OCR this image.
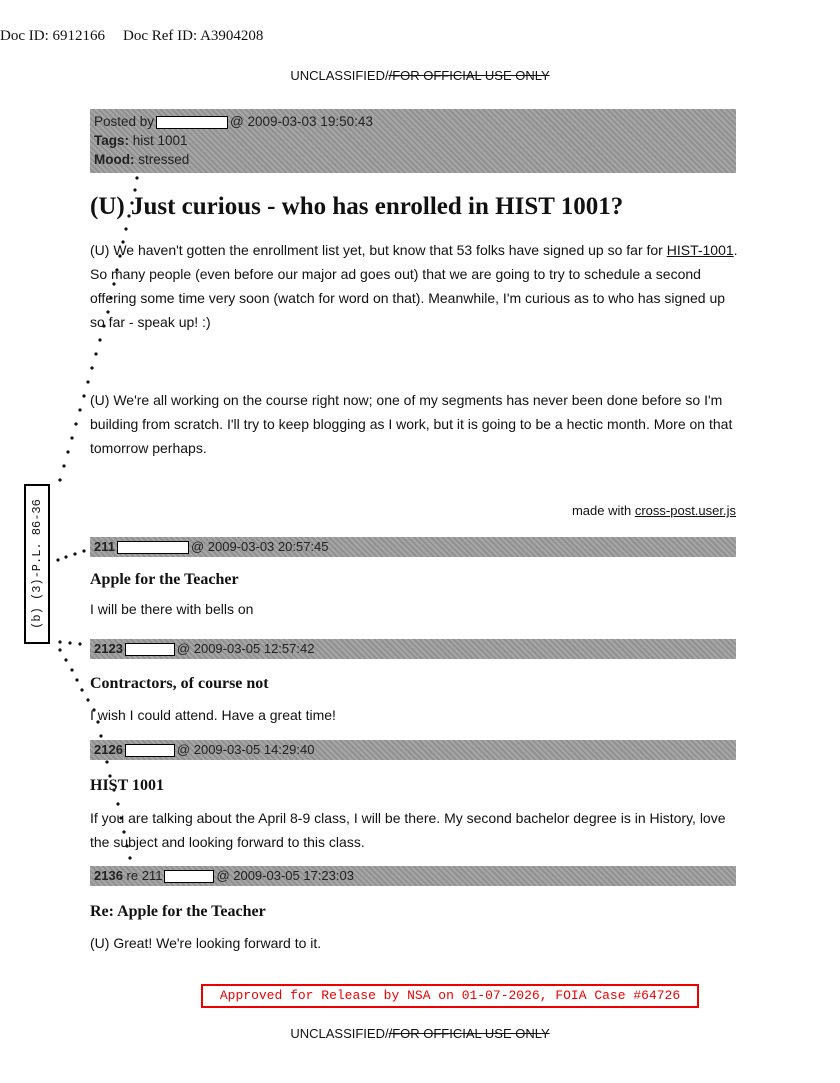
Doc ID: 6912166 Doc Ref ID: A3904208
UNCLASSIFIED//FOR OFFICIAL USE ONLY
Posted by	@ 2009-03-03 19:50:43
Tags: hist 1001
Mood: stressed
(U) Just curious - who has enrolled in HIST 1001?
(U) We haven't gotten the enrollment list yet, but know that 53 folks have signed up so far for HIST-1001. So many people (even before our major ad goes out) that we are going to try to schedule a second offering some time very soon (watch for word on that). Meanwhile, I'm curious as to who has signed up so far - speak up! :)
(U) We're all working on the course right now; one of my segments has never been done before so I'm building from scratch. I'll try to keep blogging as I work, but it is going to be a hectic month. More on that tomorrow perhaps.
made with cross-post.user.js
211	@ 2009-03-03 20:57:45
Apple for the Teacher
I will be there with bells on
2123	@ 2009-03-05 12:57:42
Contractors, of course not
I wish I could attend. Have a great time!
2126	@ 2009-03-05 14:29:40
HIST 1001
If you are talking about the April 8-9 class, I will be there. My second bachelor degree is in History, love the subject and looking forward to this class.
2136 re 211	@ 2009-03-05 17:23:03
Re: Apple for the Teacher
(U) Great! We're looking forward to it.
(b) (3)-P.L. 86-36
Approved for Release by NSA on 01-07-2026, FOIA Case #64726
UNCLASSIFIED//FOR OFFICIAL USE ONLY
